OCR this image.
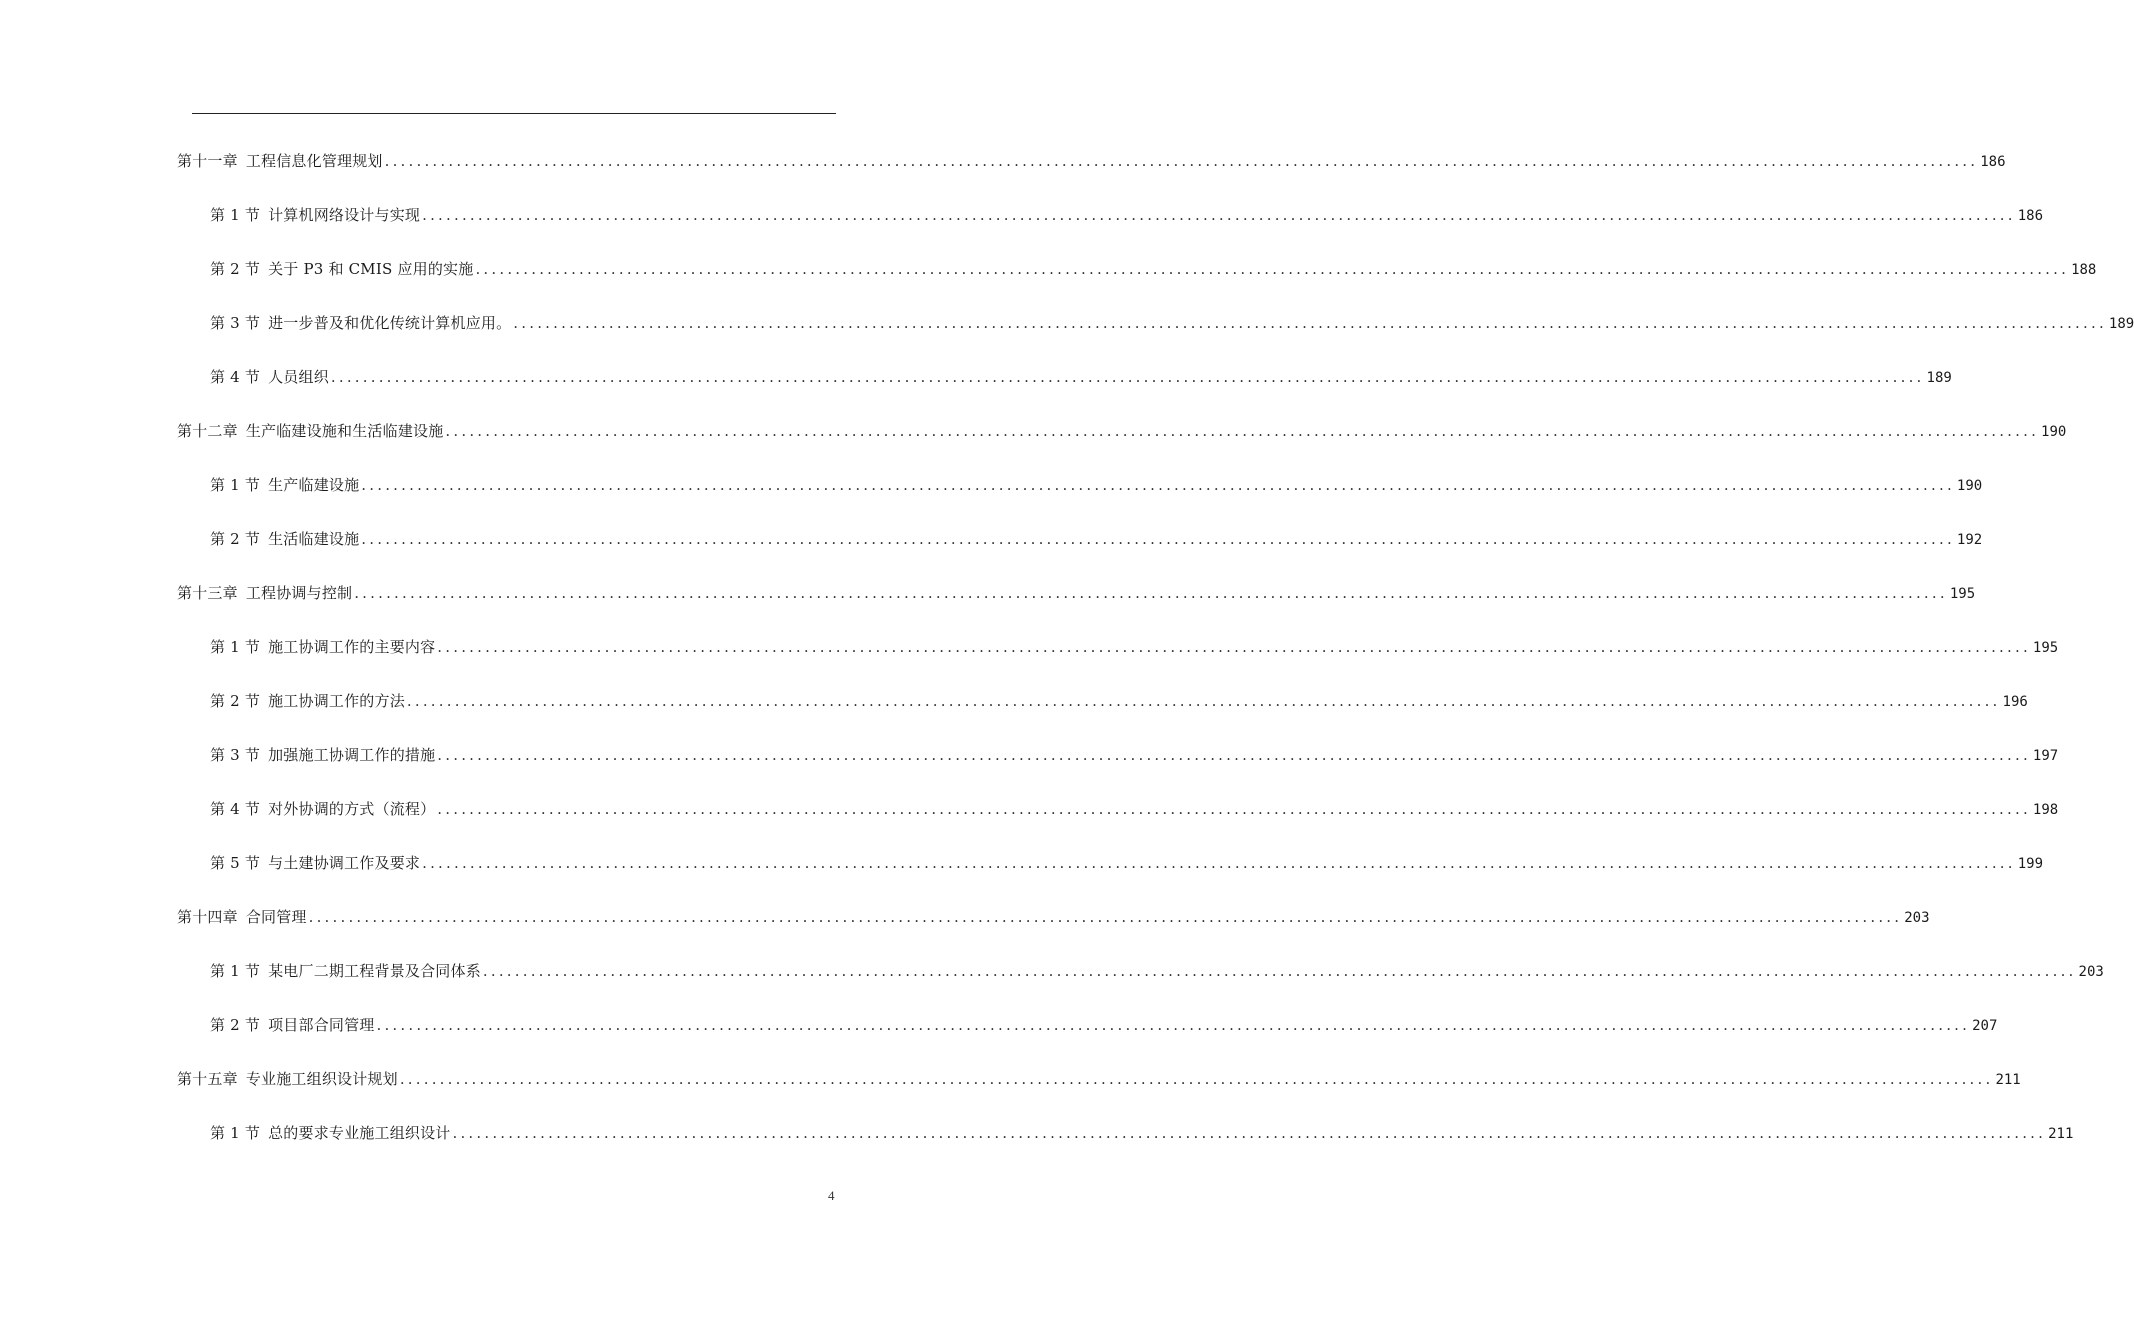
第十一章 工程信息化管理规划 ........................................................................................................................................................................................................ 186
第 1 节 计算机网络设计与实现 ........................................................................................................................................................................................................ 186
第 2 节 关于 P3 和 CMIS 应用的实施 ........................................................................................................................................................................................................ 188
第 3 节 进一步普及和优化传统计算机应用。 ........................................................................................................................................................................................................ 189
第 4 节 人员组织 ........................................................................................................................................................................................................ 189
第十二章 生产临建设施和生活临建设施 ........................................................................................................................................................................................................ 190
第 1 节 生产临建设施 ........................................................................................................................................................................................................ 190
第 2 节 生活临建设施 ........................................................................................................................................................................................................ 192
第十三章 工程协调与控制 ........................................................................................................................................................................................................ 195
第 1 节 施工协调工作的主要内容 ........................................................................................................................................................................................................ 195
第 2 节 施工协调工作的方法 ........................................................................................................................................................................................................ 196
第 3 节 加强施工协调工作的措施 ........................................................................................................................................................................................................ 197
第 4 节 对外协调的方式（流程） ........................................................................................................................................................................................................ 198
第 5 节 与土建协调工作及要求 ........................................................................................................................................................................................................ 199
第十四章 合同管理 ........................................................................................................................................................................................................ 203
第 1 节 某电厂二期工程背景及合同体系 ........................................................................................................................................................................................................ 203
第 2 节 项目部合同管理 ........................................................................................................................................................................................................ 207
第十五章 专业施工组织设计规划 ........................................................................................................................................................................................................ 211
第 1 节 总的要求专业施工组织设计 ........................................................................................................................................................................................................ 211
4
